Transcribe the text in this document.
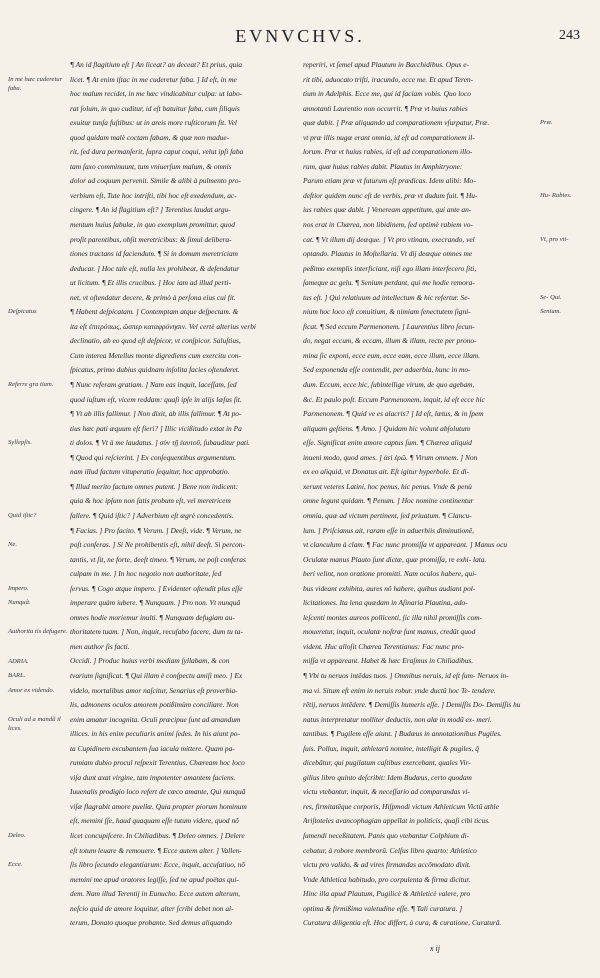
EVNVCHVS.	243
In me hæc cuderetur faba.
Deſpicatus
Referre gra tiam.
Syllepſis.
Quid iſtic?
Ne.
Impero.
Nunquã.
Authorita tis defugere.
ADRIA.
BARL.
Amor ex videndo.
Oculi ad a mandũ il lices.
Deleo.
Ecce.
¶ An id flagitium eſt ] An liceat? an deceat? Et prius, quia
licet. ¶ At enim iſtac in me cuderetur faba. ] Id eſt, in me
hoc malum recidet, in me hæc vindicabitur culpa: ut labo-
rat ſolum, in quo cuditur, id eſt batuitur faba, cum ſiliquis
exuitur tunſa fuſtibus: ut in areis more ruſticorum fit. Vel
quod quidam malè coctam fabam, & quæ non madue-
rit, ſed dura permanſerit, ſupra caput coqui, velut ipſi faba
tam ſaxo comminuunt, tum vniuerſum malum, & omnis
dolor ad coquum pervenit. Simile & alibi à pulmento pro-
verbium eſt, Tute hoc intriſti, tibi hoc eſt exedendum, ac-
cingere. ¶ An id flagitium eſt? ] Terentius laudat argu-
mentum huius fabulæ, in quo exemplum promittur, quod
proſit parentibus, obſit meretricibus: & ſimul delibera-
tiones tractans id faciendum. ¶ Si in domum meretriciam
deducar. ] Hoc tale eſt, nulla lex prohibeat, & defendatur
ut licitum. ¶ Et illis crucibus. ] Hoc iam ad illud perti-
net, vt oſtendatur decere, & primò à perſona eius cui fit.
¶ Habent deſpicatam. ] Contemptam atque deſpectam. &
ita eſt ἐπιτρόπως, ὥσπερ καταφρόνησιν. Vel certè alterius verbi
declinatio, ab eo quod eſt deſpicor, vt conſpicor. Saluſtius,
Cum interea Metellus monte digrediens cum exercitu con-
ſpicatus, primo dubius quidnam inſolita facies oſtenderet.
¶ Nunc referam gratiam. ] Nam eas inquit, laceſſam, ſed
quod iuſtum eſt, vicem reddam: quaſi ipſe in alijs læſus ſit.
¶ Vt ab illis fallimur. ] Non dixit, ab illis fallimur. ¶ At po-
tius hæc pati æquum eſt fieri? ] Illic vicißitudo extat in Pa
ti dolos. ¶ Vt à me laudatus. ] σὺν τῇ ἑαυτοῦ, ſubauditur pati.
¶ Quod qui reſcierint. ] Ex conſequentibus argumentum.
nam illud factum vituperatio ſequitur, hoc approbatio.
¶ Illud merito factum omnes putent. ] Bene non indicent:
quia & hoc ipſum non ſatis probum eſt, vel meretricem
fallere. ¶ Quid iſtic? ] Adverbium eſt ægrè concedentis.
¶ Facias. ] Pro facito. ¶ Verum. ] Deeſt, vide. ¶ Verum, ne
poſt conferas. ] Si Ne prohibentis eſt, nihil deeſt. Si percon-
tantis, vt ſit, ne forte, deeſt timeo. ¶ Verum, ne poſt conferas
culpam in me. ] In hoc negotio non authoritate, ſed
ſervus. ¶ Cogo atque impero. ] Evidenter oſtendit plus eſſe
imperare quàm iubere. ¶ Nunquam. ] Pro non. Vt nunquã
omnes hodie moriemur inulti. ¶ Nunquam defugiam au-
thoritatem tuam. ] Non, inquit, recuſabo facere, dum tu ta-
men author ſis facti.
Occidi. ] Produc huius verbi mediam ſyllabam, & con
tvarium ſignificat. ¶ Qui illam è conſpectu amiſi meo. ] Ex
videlo, mortalibus amor naſcitur, Senarius eſt proverbia-
lis, admonens oculos amorem potißimùm conciliare. Non
enim amatur incognita. Oculi præcipue ſunt ad amandum
illices. in his enim peculiaris animi ſedes. In his aiunt po-
ta Cupidinem excubantem ſua iacula mittere. Quam pa-
rumiam dubio procul reſpexit Terentius, Chæream hoc loco
viſa dunt axat virgine, tam impotenter amantem faciens.
Iuuenalis prodigio loco refert de cæco amante, Qui nunquã
viſæ flagrabit amore puellæ. Quia propter piorum hominum
eſt, memini ſſe, haud quaquam eſſe tutum videre, quod nõ
licet concupiſcere. In Chiliadibus. ¶ Deleo omnes. ] Delere
eſt totum leuare & remouere. ¶ Ecce autem alter. ] Vallen-
ſis libro ſecundo elegantiarum: Ecce, inquit, accuſatiuo, nõ
memini me apud oratores legiſſe, ſed ne apud poëtas qui-
dem. Nam illud Terentij in Eunucho. Ecce autem alterum,
neſcio quid de amore loquitur, alter ſcribi debet non al-
terum, Donato quoque probante. Sed demus aliquando
reperiri, vt ſemel apud Plautum in Bacchidibus. Opus e-
rit tibi, aduocato triſti, iracundo, ecce me. Et apud Teren-
tium in Adelphis. Ecce me, qui id faciam vobis. Quo loco
annotanti Laurentio non occurrit. ¶ Præ vt huius rabies
quæ dabit. ] Præ aliquando ad comparationem vſurpatur, Præ.
vt præ illis nugæ erant omnia, id eſt ad comparationem il-
lorum. Præ vt huius rabies, id eſt ad comparationem illo-
rum, quæ huius rabies dabit. Plautus in Amphitryone:
Parum etiam præ vt futurum eſt prædicas. Idem alibi: Mo-
deſtior quidem nunc eſt de verbis, præ vt dudum fuit. ¶ Hu-
ius rabies quæ dabit. ] Veneream appetitum, qui ante an-
nos erat in Chærea, non libidinem, ſed optimè rabiem vo-
cat. ¶ Vt illum dij deæque. ] Vt pro vtinam, execrando, vel
optando. Plautus in Moſtellaria. Vt dij deæque omnes me
peßimo exemplis interficiant, niſi ego illam interfecero ſiti,
ſameque ac gelu. ¶ Senium perdant, qui me hodie remora-
tus eſt. ] Qui relatiuum ad intellectum & hic refertur. Se-
nium hoc loco eſt conuitium, & nimiam ſenectutem ſigni-
ficat. ¶ Sed eccum Parmenonem. ] Laurentius libro ſecun-
do, negat eccum, & eccam, illum & illam, recte per prono-
mina ſic exponi, ecce eum, ecce eam, ecce illum, ecce illam.
Sed exponenda eſſe contendit, per aduerbia, hunc in mo-
dum. Eccum, ecce hic, ſubintellige virum, de quo agebam,
&c. Et paulo poſt. Eccum Parmenonem, inquit, id eſt ecce hic
Parmenonem. ¶ Quid ve es alacris? ] Id eſt, lætus, & in ſpem
aliquam geſtiens. ¶ Amo. ] Quidam hic volunt abſolutum
eſſe. Significat enim amore captus ſum. ¶ Chærea aliquid
inueni modo, quod ames. ] ἀεὶ ἐρῶ. ¶ Virum omnem. ] Non
ex eo aliquid, vt Donatus ait. Eſt igitur hyperbole. Et di-
xerunt veteres Latini, hoc penus, hic penus. Vnde & penù
omne legunt quidam. ¶ Penum. ] Hoc nomine continentur
omnia, quæ ad victum pertinent, ſed priuatum. ¶ Clancu-
lum. ] Priſcianus ait, raram eſſe in aduerbiis diminutionẽ,
vt clanculum à clam. ¶ Fac nunc promiſſa vt appareant. ] Manus ocu
Oculatæ manus Plauto ſunt dictæ, quæ promiſſa, re exhi- lata.
beri velint, non oratione promitti. Nam oculos habere, qui-
bus videant exhibita, aures nõ habere, quibus audiant pol-
licitationes. Ita lena quædam in Aſinaria Plautina, ado-
leſcenti montes aureos pollicenti, ſic illa nihil promiſſis com-
moueretur, inquit, oculatæ noſtræ ſunt manus, credũt quod
vident. Huc alloſit Chærea Terentianus: Fac nunc pro-
miſſa vt appareant. Habet & hæc Eraſmus in Chiliadibus.
¶ Vbi tu neruos intẽdas tuos. ] Omnibus neruis, id eſt ſum- Neruos in-
ma vi. Situm eſt enim in neruis robur. vnde ductũ hoc Te- tendere.
rẽtij, neruos intẽdere. ¶ Demiſſis humeris eſſe. ] Demiſſis Do- Demiſſis hu
natus interpretatur molliter deductis, non alæ in modũ ex- meri.
tantibus. ¶ Pugilem eſſe aiunt. ] Budæus in annotationibus Pugiles.
ſuis. Pollux, inquit, athletarũ nomine, intelligit & pugiles, q̃
dicebãtur, qui pugilatum caſtibus exercebant, quales Vir-
gilius libro quinto deſcribit: Idem Budæus, certo quodam
victu vtebantur, inquit, & neceſſario ad comparandas vi-
res, firmitatẽque corporis, Hiſpmodi victum Athleticum Victũ athle
Ariſtoteles avancophagian appellat in politicis, quaſi cibi ticus.
ſumendi neceßitatem. Panis quo vtebantur Colphium di-
cebatur, à robore membrorũ. Celſus libro quarto: Athletico
victu pro valido, & ad vires firmandas accõmodato dixit.
Vnde Athletica habitudo, pro corpulenta & firma dicitur.
Hinc illa apud Plautum, Pugilicè & Athleticè valere, pro
optima & firmißima valetudine eſſe. ¶ Tali curatura. ]
Curatura diligentia eſt. Hoc differt, à cura, & curatione, Curaturã.
Præ.
Hu- Rabies.
Vt, pro vti-
Se- Qui.
Senium.
x ij
